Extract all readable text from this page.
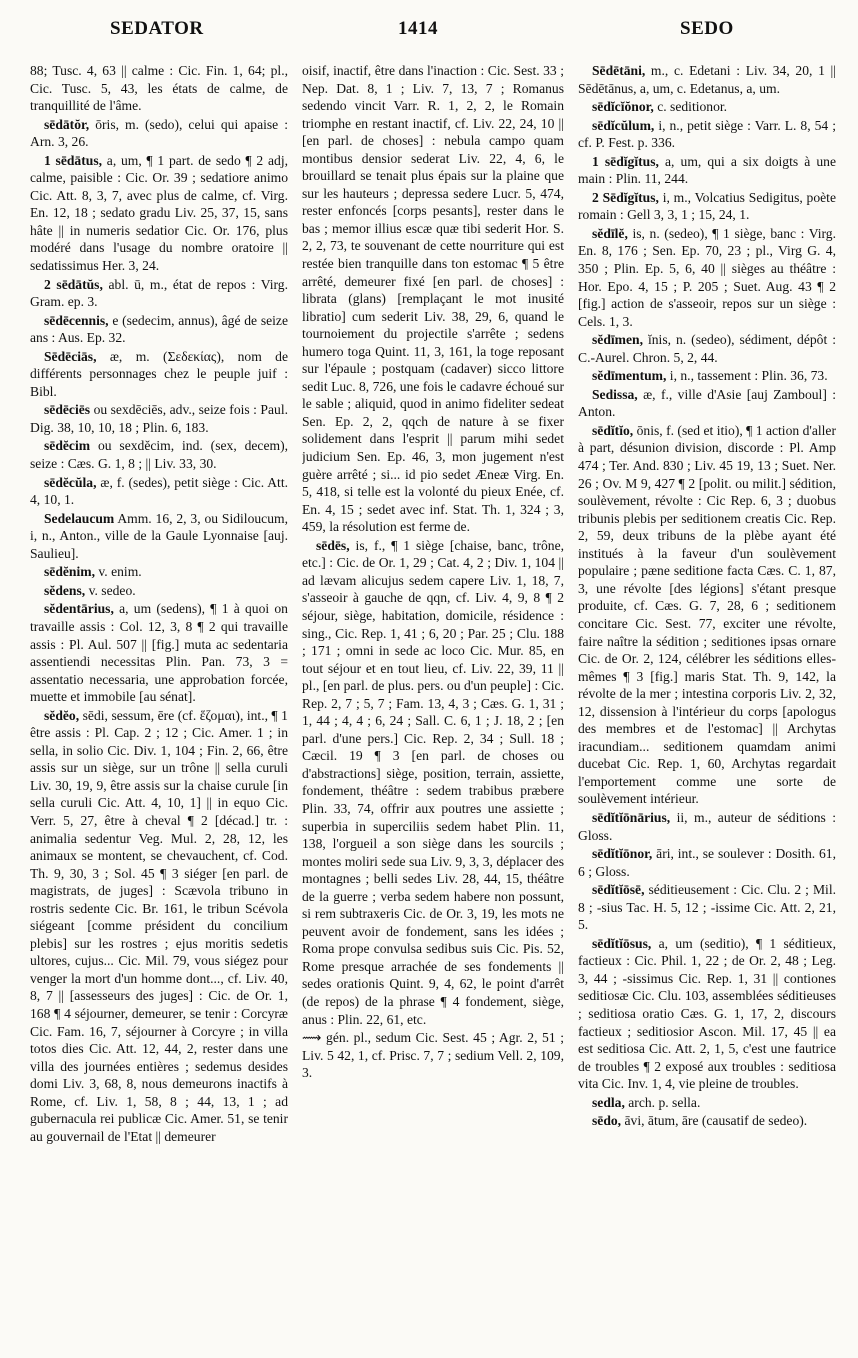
SEDATOR	1414	SEDO

88; Tusc. 4, 63 || calme : Cic. Fin. 1, 64; pl., Cic. Tusc. 5, 43, les états de calme, de tranquillité de l'âme.

sēdātŏr, ōris, m. (sedo), celui qui apaise : Arn. 3, 26.

1 sēdātus, a, um, ¶ 1 part. de sedo ¶ 2 adj, calme, paisible : Cic. Or. 39 ; sedatiore animo Cic. Att. 8, 3, 7, avec plus de calme, cf. Virg. En. 12, 18 ; sedato gradu Liv. 25, 37, 15, sans hâte || in numeris sedatior Cic. Or. 176, plus modéré dans l'usage du nombre oratoire || sedatissimus Her. 3, 24.

2 sēdātŭs, abl. ū, m., état de repos : Virg. Gram. ep. 3.

sēdēcennis, e (sedecim, annus), âgé de seize ans : Aus. Ep. 32.

Sēdēciās, æ, m. (Σεδεκίας), nom de différents personnages chez le peuple juif : Bibl.

sēdēciēs ou sexdēciēs, adv., seize fois : Paul. Dig. 38, 10, 10, 18 ; Plin. 6, 183.

sēdĕcim ou sexdĕcim, ind. (sex, decem), seize : Cæs. G. 1, 8 ; || Liv. 33, 30.

sēdĕcŭla, æ, f. (sedes), petit siège : Cic. Att. 4, 10, 1.

Sedelaucum Amm. 16, 2, 3, ou Sidiloucum, i, n., Anton., ville de la Gaule Lyonnaise [auj. Saulieu].

sēdĕnim, v. enim.

sĕdens, v. sedeo.

sĕdentārius, a, um (sedens), ¶ 1 à quoi on travaille assis : Col. 12, 3, 8 ¶ 2 qui travaille assis : Pl. Aul. 507 || [fig.] muta ac sedentaria assentiendi necessitas Plin. Pan. 73, 3 = assentatio necessaria, une approbation forcée, muette et immobile [au sénat].

sĕdĕo, sēdi, sessum, ēre (cf. ἕζομαι), int., ¶ 1 être assis : Pl. Cap. 2 ; 12 ; Cic. Amer. 1 ; in sella, in solio Cic. Div. 1, 104 ; Fin. 2, 66, être assis sur un siège, sur un trône || sella curuli Liv. 30, 19, 9, être assis sur la chaise curule [in sella curuli Cic. Att. 4, 10, 1] || in equo Cic. Verr. 5, 27, être à cheval ¶ 2 [décad.] tr. : animalia sedentur Veg. Mul. 2, 28, 12, les animaux se montent, se chevauchent, cf. Cod. Th. 9, 30, 3 ; Sol. 45 ¶ 3 siéger [en parl. de magistrats, de juges] : Scævola tribuno in rostris sedente Cic. Br. 161, le tribun Scévola siégeant [comme président du concilium plebis] sur les rostres ; ejus moritis sedetis ultores, cujus... Cic. Mil. 79, vous siégez pour venger la mort d'un homme dont..., cf. Liv. 40, 8, 7 || [assesseurs des juges] : Cic. de Or. 1, 168 ¶ 4 séjourner, demeurer, se tenir : Corcyræ Cic. Fam. 16, 7, séjourner à Corcyre ; in villa totos dies Cic. Att. 12, 44, 2, rester dans une villa des journées entières ; sedemus desides domi Liv. 3, 68, 8, nous demeurons inactifs à Rome, cf. Liv. 1, 58, 8 ; 44, 13, 1 ; ad gubernacula rei publicæ Cic. Amer. 51, se tenir au gouvernail de l'Etat || demeurer

oisif, inactif, être dans l'inaction : Cic. Sest. 33 ; Nep. Dat. 8, 1 ; Liv. 7, 13, 7 ; Romanus sedendo vincit Varr. R. 1, 2, 2, le Romain triomphe en restant inactif, cf. Liv. 22, 24, 10 || [en parl. de choses] : nebula campo quam montibus densior sederat Liv. 22, 4, 6, le brouillard se tenait plus épais sur la plaine que sur les hauteurs ; depressa sedere Lucr. 5, 474, rester enfoncés [corps pesants], rester dans le bas ; memor illius escæ quæ tibi sederit Hor. S. 2, 2, 73, te souvenant de cette nourriture qui est restée bien tranquille dans ton estomac ¶ 5 être arrêté, demeurer fixé [en parl. de choses] : librata (glans) [remplaçant le mot inusité libratio] cum sederit Liv. 38, 29, 6, quand le tournoiement du projectile s'arrête ; sedens humero toga Quint. 11, 3, 161, la toge reposant sur l'épaule ; postquam (cadaver) sicco littore sedit Luc. 8, 726, une fois le cadavre échoué sur le sable ; aliquid, quod in animo fideliter sedeat Sen. Ep. 2, 2, qqch de nature à se fixer solidement dans l'esprit || parum mihi sedet judicium Sen. Ep. 46, 3, mon jugement n'est guère arrêté ; si... id pio sedet Æneæ Virg. En. 5, 418, si telle est la volonté du pieux Enée, cf. En. 4, 15 ; sedet avec inf. Stat. Th. 1, 324 ; 3, 459, la résolution est ferme de.

sēdēs, is, f., ¶ 1 siège [chaise, banc, trône, etc.] : Cic. de Or. 1, 29 ; Cat. 4, 2 ; Div. 1, 104 || ad lævam alicujus sedem capere Liv. 1, 18, 7, s'asseoir à gauche de qqn, cf. Liv. 4, 9, 8 ¶ 2 séjour, siège, habitation, domicile, résidence : sing., Cic. Rep. 1, 41 ; 6, 20 ; Par. 25 ; Clu. 188 ; 171 ; omni in sede ac loco Cic. Mur. 85, en tout séjour et en tout lieu, cf. Liv. 22, 39, 11 || pl., [en parl. de plus. pers. ou d'un peuple] : Cic. Rep. 2, 7 ; 5, 7 ; Fam. 13, 4, 3 ; Cæs. G. 1, 31 ; 1, 44 ; 4, 4 ; 6, 24 ; Sall. C. 6, 1 ; J. 18, 2 ; [en parl. d'une pers.] Cic. Rep. 2, 34 ; Sull. 18 ; Cæcil. 19 ¶ 3 [en parl. de choses ou d'abstractions] siège, position, terrain, assiette, fondement, théâtre : sedem trabibus præbere Plin. 33, 74, offrir aux poutres une assiette ; superbia in superciliis sedem habet Plin. 11, 138, l'orgueil a son siège dans les sourcils ; montes moliri sede sua Liv. 9, 3, 3, déplacer des montagnes ; belli sedes Liv. 28, 44, 15, théâtre de la guerre ; verba sedem habere non possunt, si rem subtraxeris Cic. de Or. 3, 19, les mots ne peuvent avoir de fondement, sans les idées ; Roma prope convulsa sedibus suis Cic. Pis. 52, Rome presque arrachée de ses fondements || sedes orationis Quint. 9, 4, 62, le point d'arrêt (de repos) de la phrase ¶ 4 fondement, siège, anus : Plin. 22, 61, etc.

⟿ gén. pl., sedum Cic. Sest. 45 ; Agr. 2, 51 ; Liv. 5 42, 1, cf. Prisc. 7, 7 ; sedium Vell. 2, 109, 3.

Sēdētāni, m., c. Edetani : Liv. 34, 20, 1 || Sēdētānus, a, um, c. Edetanus, a, um.

sēdĭcĭŏnor, c. seditionor.

sēdĭcŭlum, i, n., petit siège : Varr. L. 8, 54 ; cf. P. Fest. p. 336.

1 sēdĭgĭtus, a, um, qui a six doigts à une main : Plin. 11, 244.

2 Sēdĭgĭtus, i, m., Volcatius Sedigitus, poète romain : Gell 3, 3, 1 ; 15, 24, 1.

sĕdīlĕ, is, n. (sedeo), ¶ 1 siège, banc : Virg. En. 8, 176 ; Sen. Ep. 70, 23 ; pl., Virg G. 4, 350 ; Plin. Ep. 5, 6, 40 || sièges au théâtre : Hor. Epo. 4, 15 ; P. 205 ; Suet. Aug. 43 ¶ 2 [fig.] action de s'asseoir, repos sur un siège : Cels. 1, 3.

sĕdīmen, ĭnis, n. (sedeo), sédiment, dépôt : C.-Aurel. Chron. 5, 2, 44.

sĕdīmentum, i, n., tassement : Plin. 36, 73.

Sedissa, æ, f., ville d'Asie [auj Zamboul] : Anton.

sēdĭtĭo, ōnis, f. (sed et itio), ¶ 1 action d'aller à part, désunion division, discorde : Pl. Amp 474 ; Ter. And. 830 ; Liv. 45 19, 13 ; Suet. Ner. 26 ; Ov. M 9, 427 ¶ 2 [polit. ou milit.] sédition, soulèvement, révolte : Cic Rep. 6, 3 ; duobus tribunis plebis per seditionem creatis Cic. Rep. 2, 59, deux tribuns de la plèbe ayant été institués à la faveur d'un soulèvement populaire ; pæne seditione facta Cæs. C. 1, 87, 3, une révolte [des légions] s'étant presque produite, cf. Cæs. G. 7, 28, 6 ; seditionem concitare Cic. Sest. 77, exciter une révolte, faire naître la sédition ; seditiones ipsas ornare Cic. de Or. 2, 124, célébrer les séditions elles-mêmes ¶ 3 [fig.] maris Stat. Th. 9, 142, la révolte de la mer ; intestina corporis Liv. 2, 32, 12, dissension à l'intérieur du corps [apologus des membres et de l'estomac] || Archytas iracundiam... seditionem quamdam animi ducebat Cic. Rep. 1, 60, Archytas regardait l'emportement comme une sorte de soulèvement intérieur.

sēdĭtĭōnārius, ii, m., auteur de séditions : Gloss.

sēdĭtĭōnor, āri, int., se soulever : Dosith. 61, 6 ; Gloss.

sēdĭtĭōsē, séditieusement : Cic. Clu. 2 ; Mil. 8 ; -sius Tac. H. 5, 12 ; -issime Cic. Att. 2, 21, 5.

sēdĭtĭōsus, a, um (seditio), ¶ 1 séditieux, factieux : Cic. Phil. 1, 22 ; de Or. 2, 48 ; Leg. 3, 44 ; -sissimus Cic. Rep. 1, 31 || contiones seditiosæ Cic. Clu. 103, assemblées séditieuses ; seditiosa oratio Cæs. G. 1, 17, 2, discours factieux ; seditiosior Ascon. Mil. 17, 45 || ea est seditiosa Cic. Att. 2, 1, 5, c'est une fautrice de troubles ¶ 2 exposé aux troubles : seditiosa vita Cic. Inv. 1, 4, vie pleine de troubles.

sedla, arch. p. sella.

sēdo, āvi, ātum, āre (causatif de sedeo).
